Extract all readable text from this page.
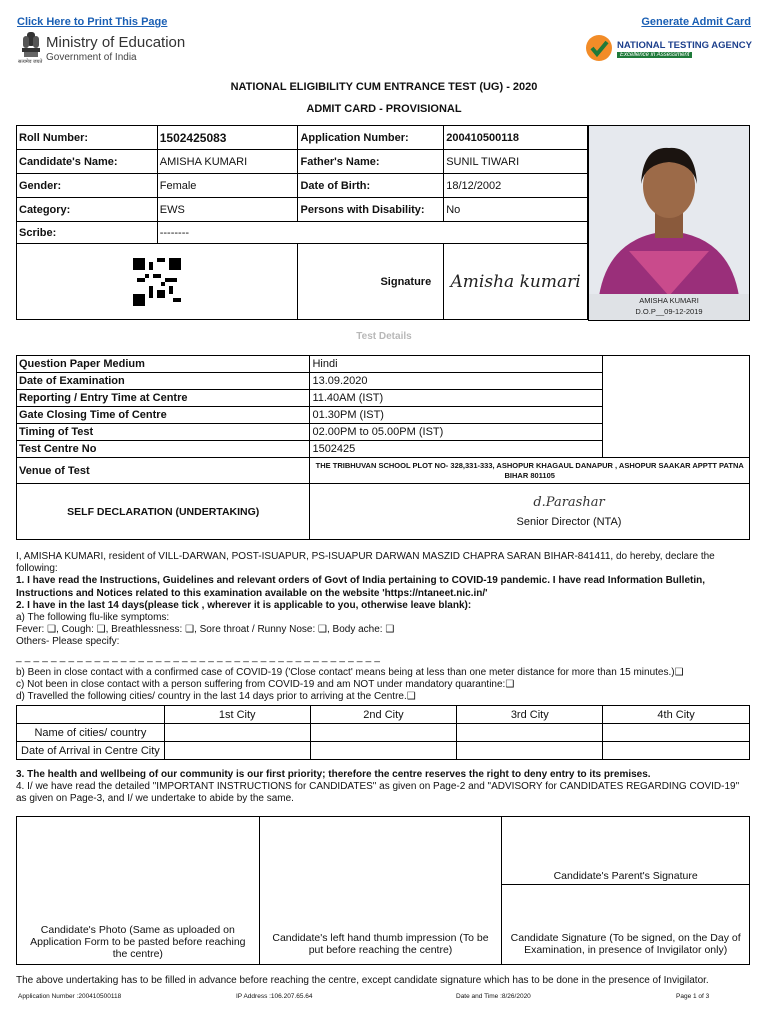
Click Here to Print This Page	Generate Admit Card
सत्यमेव जयते
Ministry of Education
Government of India
NATIONAL TESTING AGENCY
Excellence in Assessment
NATIONAL ELIGIBILITY CUM ENTRANCE TEST (UG) - 2020
ADMIT CARD - PROVISIONAL
Roll Number:	1502425083	Application Number:	200410500118
Candidate's Name:	AMISHA KUMARI	Father's Name:	SUNIL TIWARI
Gender:	Female	Date of Birth:	18/12/2002
Category:	EWS	Persons with Disability:	No
Scribe:	--------		

	Signature	Amisha kumari
AMISHA KUMARI
D.O.P__09-12-2019
Test Details
Question Paper Medium	Hindi	
Date of Examination	13.09.2020	
Reporting / Entry Time at Centre	11.40AM (IST)	
Gate Closing Time of Centre	01.30PM (IST)	
Timing of Test	02.00PM to 05.00PM (IST)	
Test Centre No	1502425	
Venue of Test	THE TRIBHUVAN SCHOOL PLOT NO- 328,331-333, ASHOPUR KHAGAUL DANAPUR , ASHOPUR SAAKAR APPTT PATNA BIHAR 801105	
SELF DECLARATION (UNDERTAKING)	d.Parashar
Senior Director (NTA)	
I, AMISHA KUMARI, resident of VILL-DARWAN, POST-ISUAPUR, PS-ISUAPUR DARWAN MASZID CHAPRA SARAN BIHAR-841411, do hereby, declare the following:
1. I have read the Instructions, Guidelines and relevant orders of Govt of India pertaining to COVID-19 pandemic. I have read Information Bulletin, Instructions and Notices related to this examination available on the website 'https://ntaneet.nic.in/'
2. I have in the last 14 days(please tick , wherever it is applicable to you, otherwise leave blank):
a) The following flu-like symptoms:
Fever: ❑, Cough: ❑, Breathlessness: ❑, Sore throat / Runny Nose: ❑, Body ache: ❑
Others- Please specify:
_ _ _ _ _ _ _ _ _ _ _ _ _ _ _ _ _ _ _ _ _ _ _ _ _ _ _ _ _ _ _ _ _ _ _ _ _ _ _ _ _ _
b) Been in close contact with a confirmed case of COVID-19 ('Close contact' means being at less than one meter distance for more than 15 minutes.)❑
c) Not been in close contact with a person suffering from COVID-19 and am NOT under mandatory quarantine:❑
d) Travelled the following cities/ country in the last 14 days prior to arriving at the Centre.❑
	1st City	2nd City	3rd City	4th City
Name of cities/ country				
Date of Arrival in Centre City				
3. The health and wellbeing of our community is our first priority; therefore the centre reserves the right to deny entry to its premises.
4. I/ we have read the detailed "IMPORTANT INSTRUCTIONS for CANDIDATES" as given on Page-2 and "ADVISORY for CANDIDATES REGARDING COVID-19" as given on Page-3, and I/ we undertake to abide by the same.
Candidate's Photo (Same as uploaded on Application Form to be pasted before reaching the centre)	Candidate's left hand thumb impression (To be put before reaching the centre)	Candidate's Parent's Signature
Candidate Signature (To be signed, on the Day of Examination, in presence of Invigilator only)
The above undertaking has to be filled in advance before reaching the centre, except candidate signature which has to be done in the presence of Invigilator.
Application Number :200410500118	IP Address :106.207.65.64	Date and Time :8/26/2020	Page 1 of 3
